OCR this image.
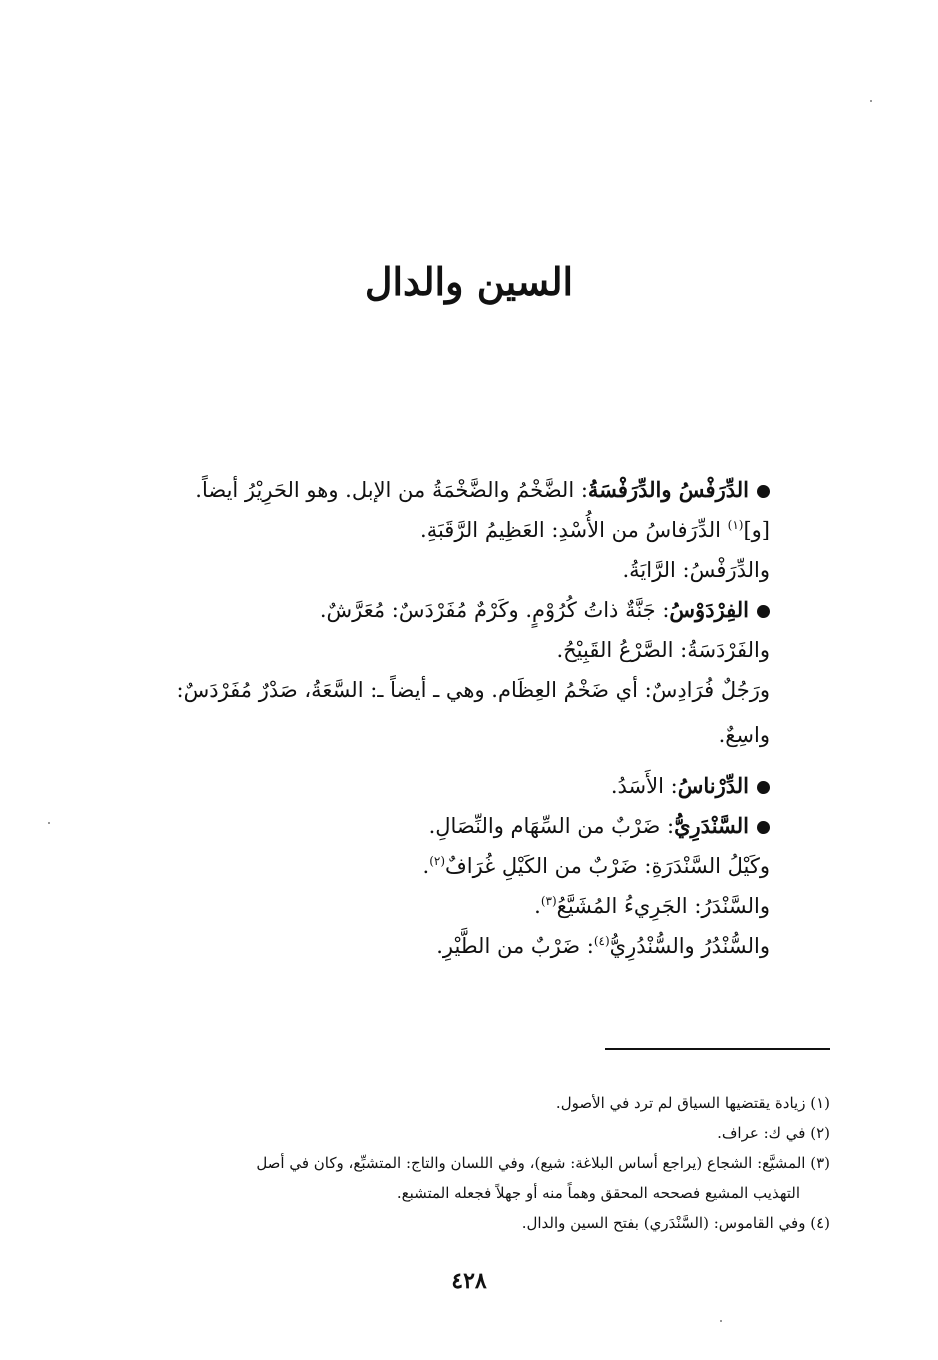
السين والدال
الدِّرَفْسُ والدِّرَفْسَةُ: الضَّخْمُ والضَّخْمَةُ من الإبل. وهو الحَرِيْرُ أيضاً.
[و]$^{(١)}$ الدِّرَفاسُ من الأُسْدِ: العَظِيمُ الرَّقَبَةِ.
والدِّرَفْسُ: الرَّايَةُ.
الفِرْدَوْسُ: جَنَّةٌ ذاتُ كُرُوْمٍ. وكَرْمٌ مُفَرْدَسٌ: مُعَرَّشٌ.
والفَرْدَسَةُ: الصَّرْعُ القَبِيْحُ.
ورَجُلٌ فُرَادِسٌ: أي ضَخْمُ العِظَام. وهي ـ أيضاً ـ: السَّعَةُ، صَدْرٌ مُفَرْدَسٌ:
واسِعٌ.
الدِّرْناسُ: الأَسَدُ.
السَّنْدَرِيُّ: ضَرْبٌ من السِّهَام والنِّصَالِ.
وكَيْلُ السَّنْدَرَةِ: ضَرْبٌ من الكَيْلِ غُرَافٌ$^{(٢)}$.
والسَّنْدَرُ: الجَرِيءُ المُشَيَّعُ$^{(٣)}$.
والسُّنْدُرُ والسُّنْدُرِيُّ$^{(٤)}$: ضَرْبٌ من الطَّيْرِ.
(١) زيادة يقتضيها السياق لم ترد في الأصول.
(٢) في ك: عراف.
(٣) المشيَّع: الشجاع (يراجع أساس البلاغة: شيع)، وفي اللسان والتاج: المتشبِّع، وكان في أصل
التهذيب المشيع فصححه المحقق وهماً منه أو جهلاً فجعله المتشبع.
(٤) وفي القاموس: (السَّنْدَري) بفتح السين والدال.
٤٢٨
